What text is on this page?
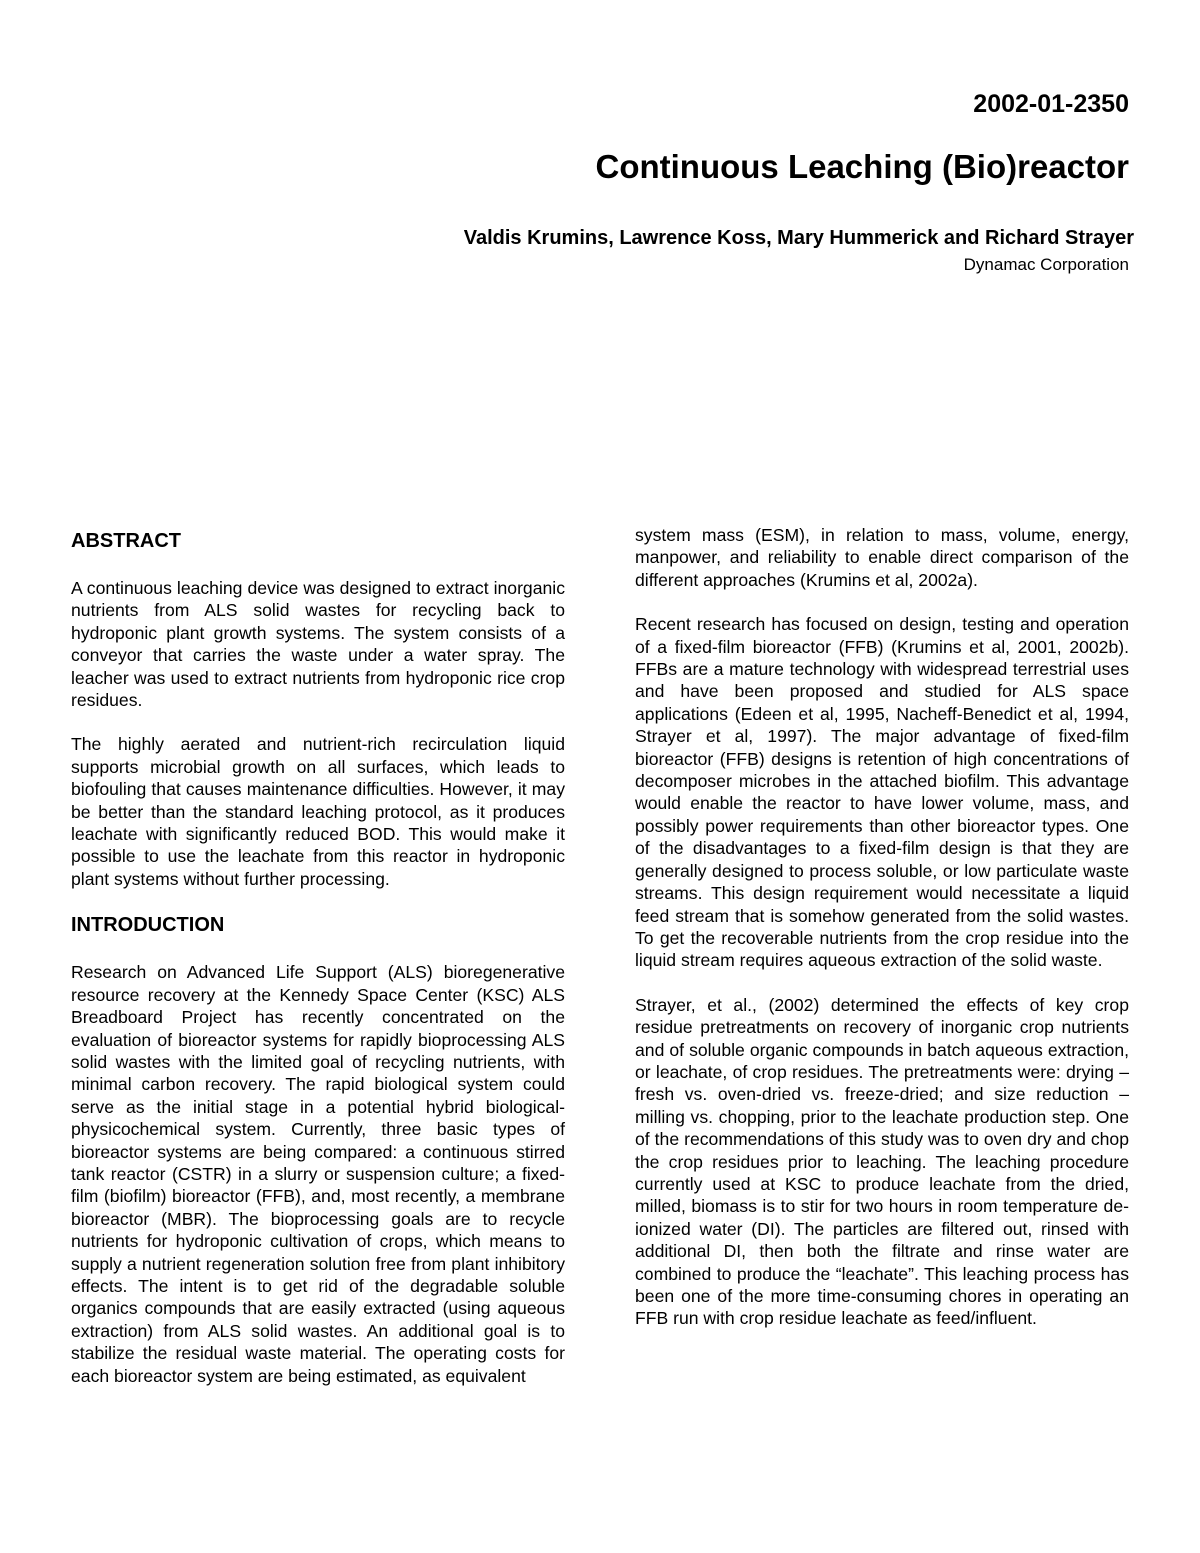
2002-01-2350
Continuous Leaching (Bio)reactor
Valdis Krumins, Lawrence Koss, Mary Hummerick and Richard Strayer
Dynamac Corporation
ABSTRACT

A continuous leaching device was designed to extract inorganic nutrients from ALS solid wastes for recycling back to hydroponic plant growth systems. The system consists of a conveyor that carries the waste under a water spray. The leacher was used to extract nutrients from hydroponic rice crop residues.

The highly aerated and nutrient-rich recirculation liquid supports microbial growth on all surfaces, which leads to biofouling that causes maintenance difficulties. However, it may be better than the standard leaching protocol, as it produces leachate with significantly reduced BOD. This would make it possible to use the leachate from this reactor in hydroponic plant systems without further processing.

INTRODUCTION

Research on Advanced Life Support (ALS) bioregenerative resource recovery at the Kennedy Space Center (KSC) ALS Breadboard Project has recently concentrated on the evaluation of bioreactor systems for rapidly bioprocessing ALS solid wastes with the limited goal of recycling nutrients, with minimal carbon recovery. The rapid biological system could serve as the initial stage in a potential hybrid biological-physicochemical system. Currently, three basic types of bioreactor systems are being compared: a continuous stirred tank reactor (CSTR) in a slurry or suspension culture; a fixed-film (biofilm) bioreactor (FFB), and, most recently, a membrane bioreactor (MBR). The bioprocessing goals are to recycle nutrients for hydroponic cultivation of crops, which means to supply a nutrient regeneration solution free from plant inhibitory effects. The intent is to get rid of the degradable soluble organics compounds that are easily extracted (using aqueous extraction) from ALS solid wastes. An additional goal is to stabilize the residual waste material. The operating costs for each bioreactor system are being estimated, as equivalent

system mass (ESM), in relation to mass, volume, energy, manpower, and reliability to enable direct comparison of the different approaches (Krumins et al, 2002a).

Recent research has focused on design, testing and operation of a fixed-film bioreactor (FFB) (Krumins et al, 2001, 2002b). FFBs are a mature technology with widespread terrestrial uses and have been proposed and studied for ALS space applications (Edeen et al, 1995, Nacheff-Benedict et al, 1994, Strayer et al, 1997). The major advantage of fixed-film bioreactor (FFB) designs is retention of high concentrations of decomposer microbes in the attached biofilm. This advantage would enable the reactor to have lower volume, mass, and possibly power requirements than other bioreactor types. One of the disadvantages to a fixed-film design is that they are generally designed to process soluble, or low particulate waste streams. This design requirement would necessitate a liquid feed stream that is somehow generated from the solid wastes. To get the recoverable nutrients from the crop residue into the liquid stream requires aqueous extraction of the solid waste.

Strayer, et al., (2002) determined the effects of key crop residue pretreatments on recovery of inorganic crop nutrients and of soluble organic compounds in batch aqueous extraction, or leachate, of crop residues. The pretreatments were: drying – fresh vs. oven-dried vs. freeze-dried; and size reduction – milling vs. chopping, prior to the leachate production step. One of the recommendations of this study was to oven dry and chop the crop residues prior to leaching. The leaching procedure currently used at KSC to produce leachate from the dried, milled, biomass is to stir for two hours in room temperature de-ionized water (DI). The particles are filtered out, rinsed with additional DI, then both the filtrate and rinse water are combined to produce the “leachate”. This leaching process has been one of the more time-consuming chores in operating an FFB run with crop residue leachate as feed/influent.
